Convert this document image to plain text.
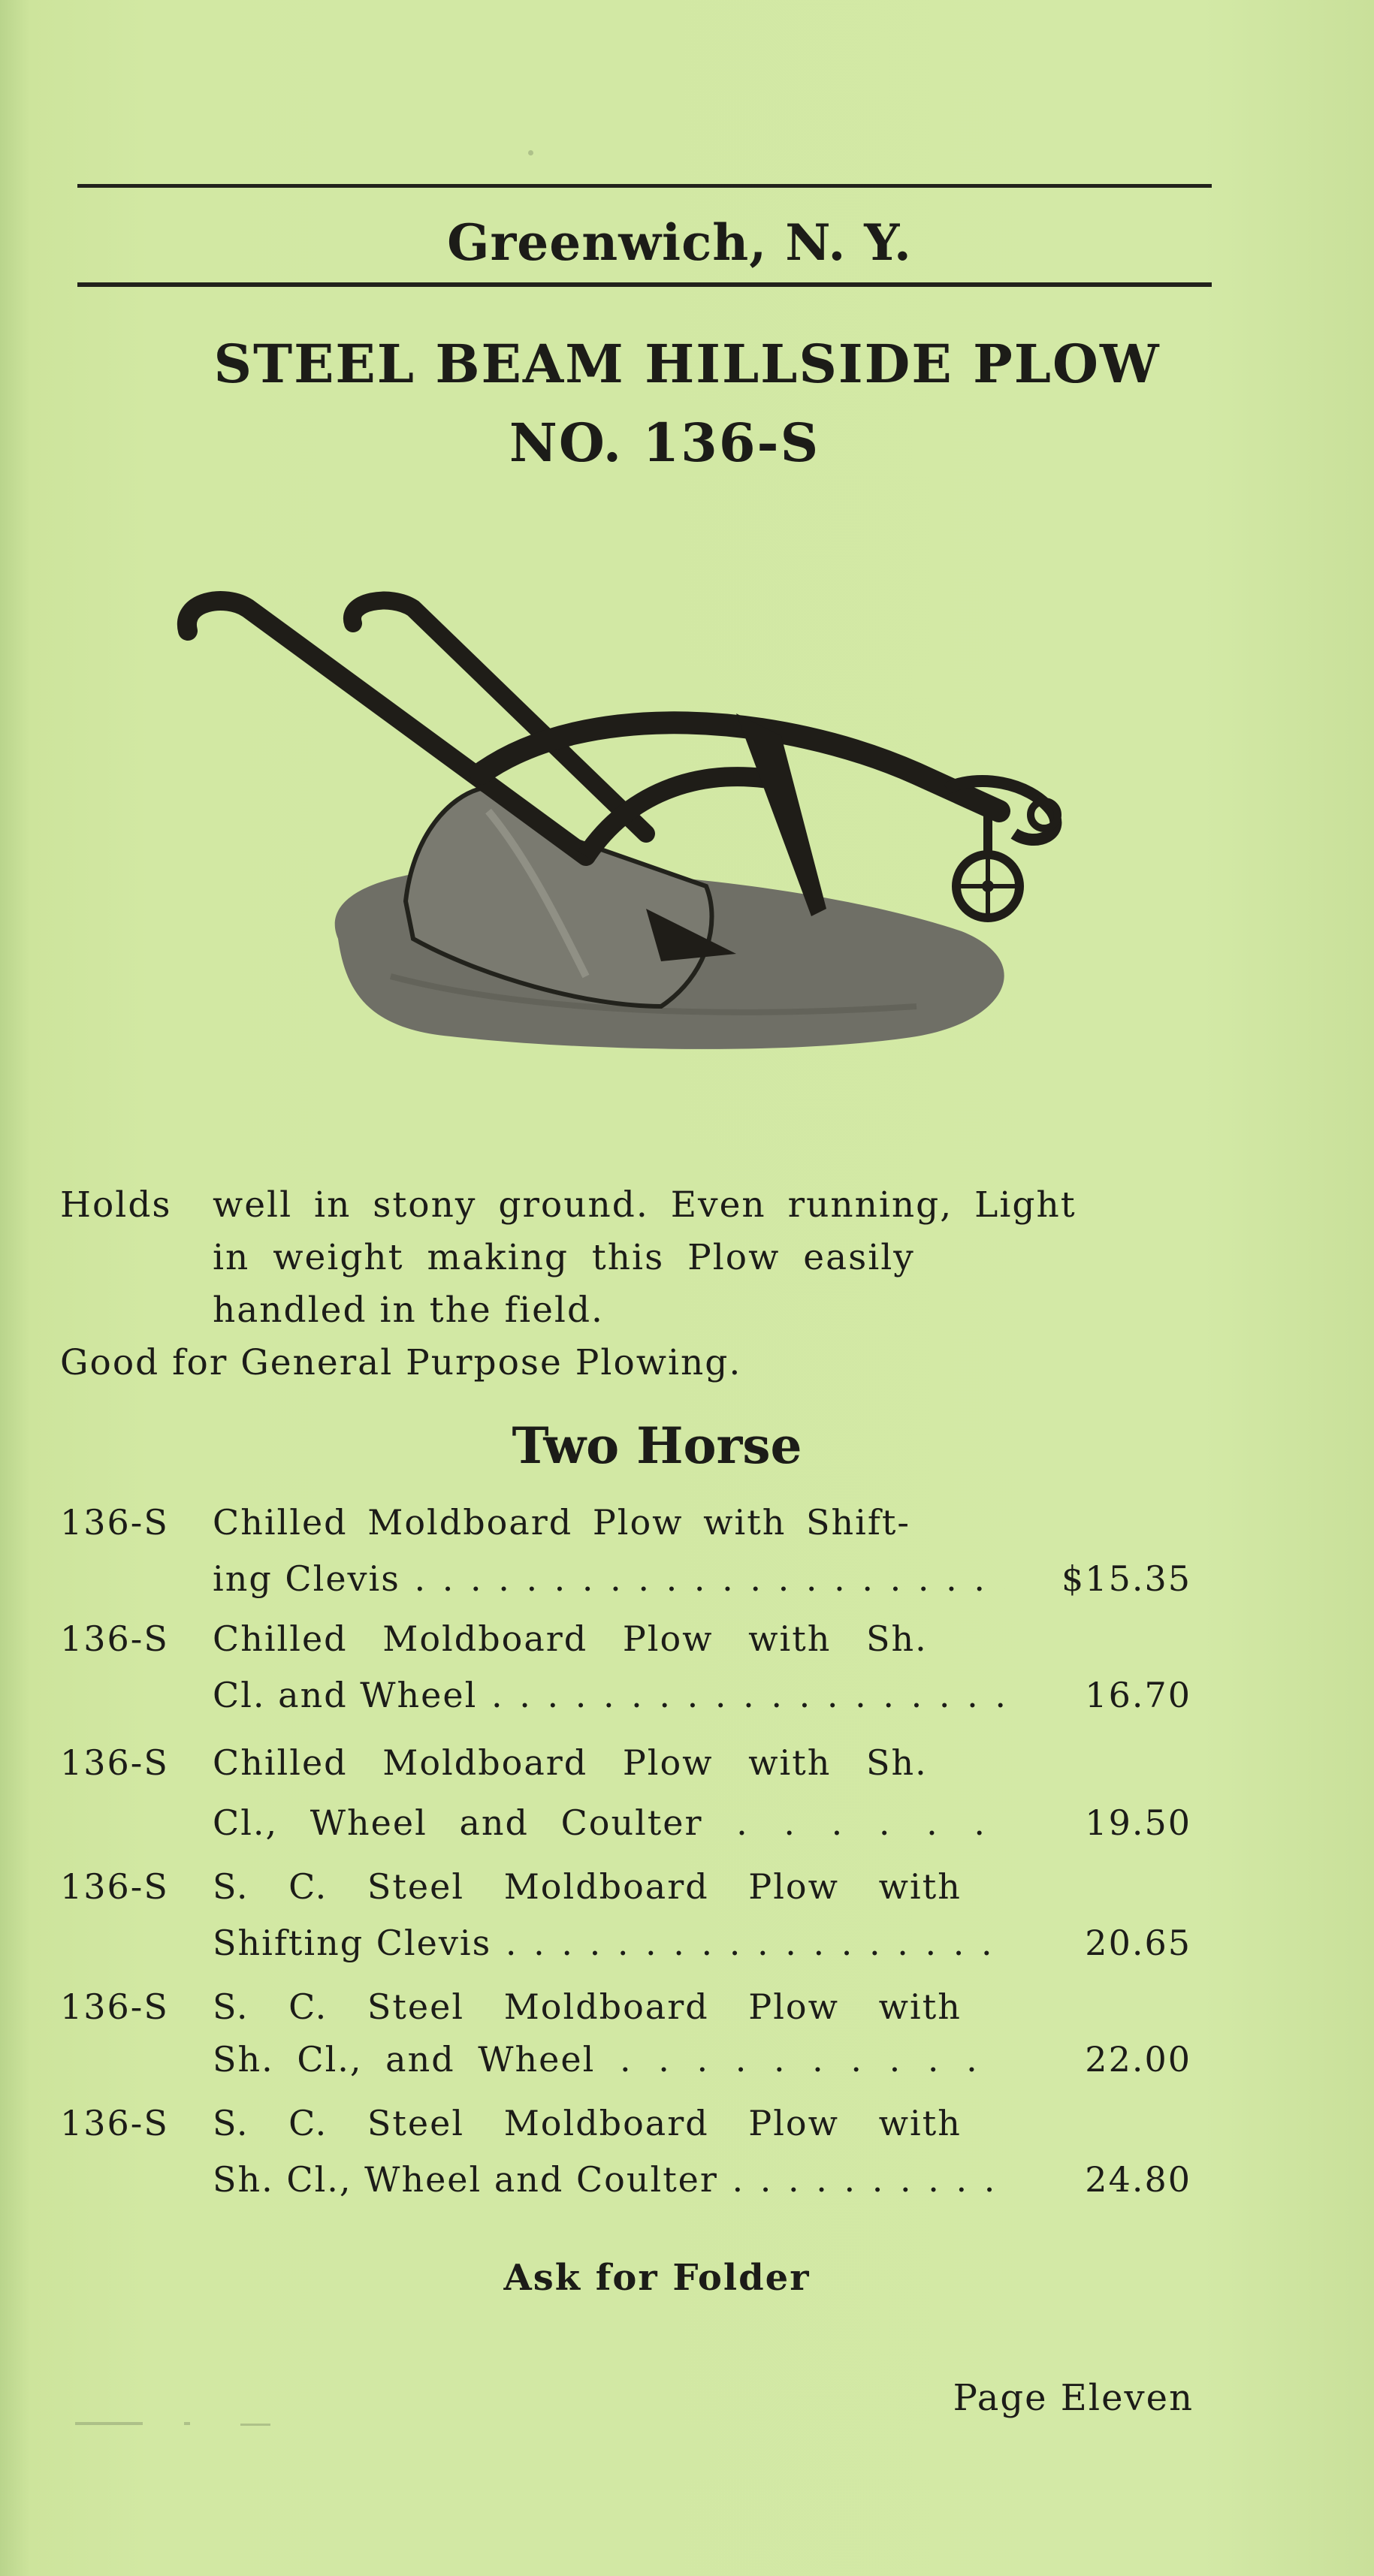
Greenwich, N. Y.
STEEL BEAM HILLSIDE PLOW
NO. 136-S
Holds well in stony ground. Even running, Light
in weight making this Plow easily
handled in the field.
Good for General Purpose Plowing.
Two Horse
136-S Chilled Moldboard Plow with Shift-
ing Clevis . . .	$15.35
136-S Chilled Moldboard Plow with Sh.
Cl. and Wheel . . .	16.70
136-S Chilled Moldboard Plow with Sh.
Cl., Wheel and Coulter . . .	19.50
136-S S. C. Steel Moldboard Plow with
Shifting Clevis . . .	20.65
136-S S. C. Steel Moldboard Plow with
Sh. Cl., and Wheel . . .	22.00
136-S S. C. Steel Moldboard Plow with
Sh. Cl., Wheel and Coulter . . .	24.80
Ask for Folder
Page Eleven
